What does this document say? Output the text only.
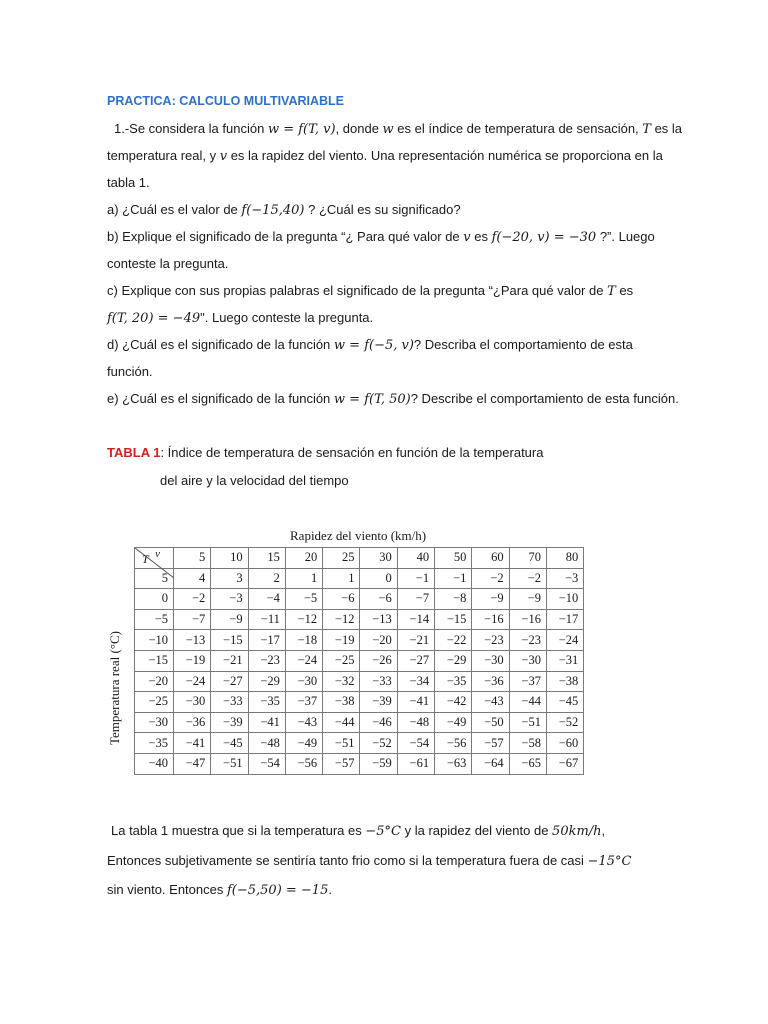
PRACTICA: CALCULO MULTIVARIABLE
1.-Se considera la función w = f(T, v), donde w es el índice de temperatura de sensación, T es la
temperatura real, y v es la rapidez del viento. Una representación numérica se proporciona en la
tabla 1.
a) ¿Cuál es el valor de f(−15,40) ? ¿Cuál es su significado?
b) Explique el significado de la pregunta “¿ Para qué valor de v es f(−20, v) = −30 ?”. Luego
conteste la pregunta.
c) Explique con sus propias palabras el significado de la pregunta “¿Para qué valor de T es
f(T, 20) = −49". Luego conteste la pregunta.
d) ¿Cuál es el significado de la función w = f(−5, v)? Describa el comportamiento de esta
función.
e) ¿Cuál es el significado de la función w = f(T, 50)? Describe el comportamiento de esta función.
TABLA 1: Índice de temperatura de sensación en función de la temperatura
del aire y la velocidad del tiempo
Rapidez del viento (km/h)
Temperatura real (°C)
v
T	5	10	15	20	25	30	40	50	60	70	80
5	4	3	2	1	1	0	−1	−1	−2	−2	−3
0	−2	−3	−4	−5	−6	−6	−7	−8	−9	−9	−10
−5	−7	−9	−11	−12	−12	−13	−14	−15	−16	−16	−17
−10	−13	−15	−17	−18	−19	−20	−21	−22	−23	−23	−24
−15	−19	−21	−23	−24	−25	−26	−27	−29	−30	−30	−31
−20	−24	−27	−29	−30	−32	−33	−34	−35	−36	−37	−38
−25	−30	−33	−35	−37	−38	−39	−41	−42	−43	−44	−45
−30	−36	−39	−41	−43	−44	−46	−48	−49	−50	−51	−52
−35	−41	−45	−48	−49	−51	−52	−54	−56	−57	−58	−60
−40	−47	−51	−54	−56	−57	−59	−61	−63	−64	−65	−67
La tabla 1 muestra que si la temperatura es −5°C y la rapidez del viento de 50km/h,
Entonces subjetivamente se sentiría tanto frio como si la temperatura fuera de casi −15°C
sin viento. Entonces f(−5,50) = −15.
